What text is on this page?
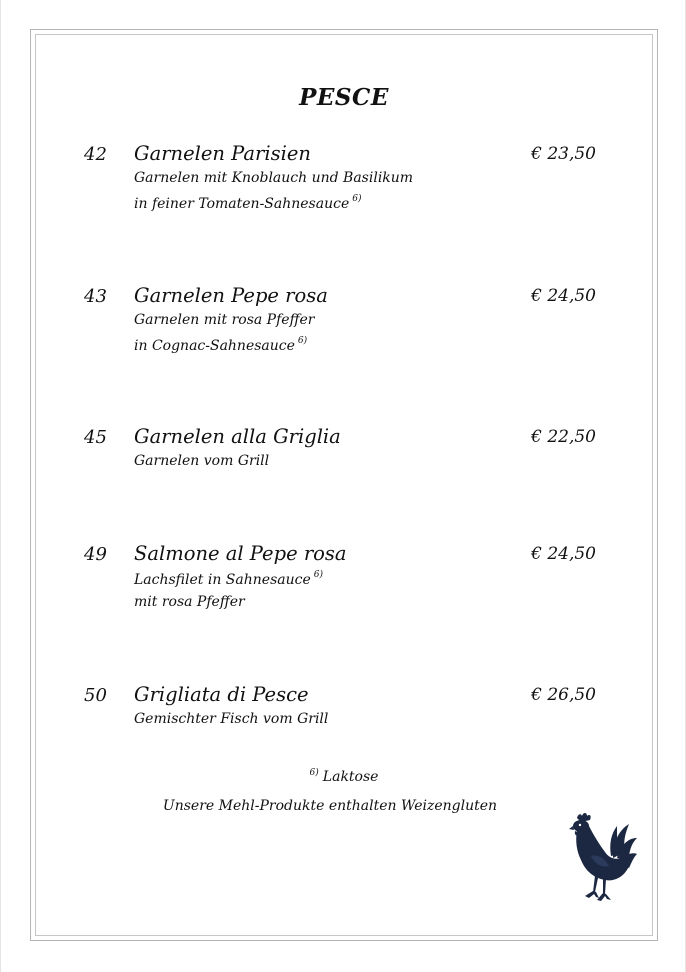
PESCE
42 Garnelen Parisien	€ 23,50
Garnelen mit Knoblauch und Basilikum
in feiner Tomaten-Sahnesauce $^{6)}$
43 Garnelen Pepe rosa	€ 24,50
Garnelen mit rosa Pfeffer
in Cognac-Sahnesauce $^{6)}$
45 Garnelen alla Griglia	€ 22,50
Garnelen vom Grill
49 Salmone al Pepe rosa	€ 24,50
Lachsfilet in Sahnesauce $^{6)}$
mit rosa Pfeffer
50 Grigliata di Pesce	€ 26,50
Gemischter Fisch vom Grill
$^{6)}$ Laktose
Unsere Mehl-Produkte enthalten Weizengluten
